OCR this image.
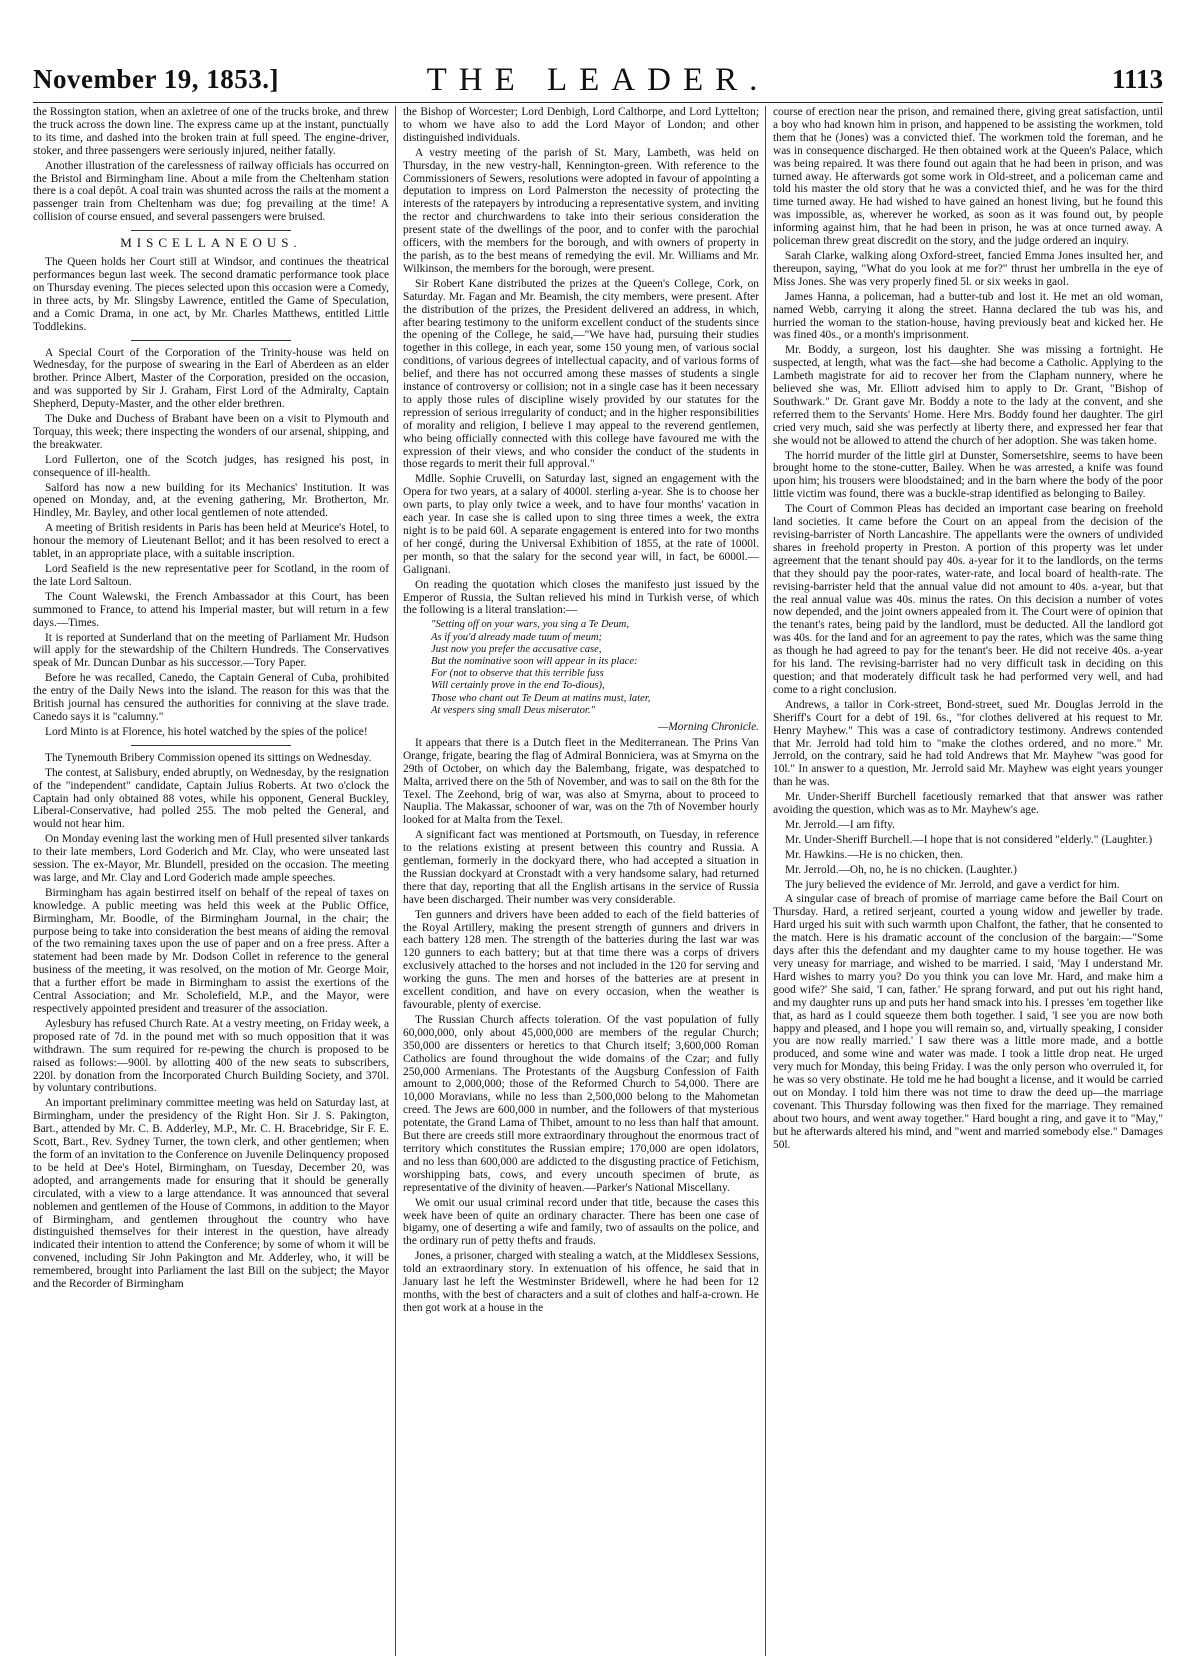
November 19, 1853.]	THE LEADER.	1113

the Rossington station, when an axletree of one of the trucks broke, and threw the truck across the down line. The express came up at the instant, punctually to its time, and dashed into the broken train at full speed. The engine-driver, stoker, and three passengers were seriously injured, neither fatally.

Another illustration of the carelessness of railway officials has occurred on the Bristol and Birmingham line. About a mile from the Cheltenham station there is a coal depôt. A coal train was shunted across the rails at the moment a passenger train from Cheltenham was due; fog prevailing at the time! A collision of course ensued, and several passengers were bruised.

MISCELLANEOUS.

The Queen holds her Court still at Windsor, and continues the theatrical performances begun last week. The second dramatic performance took place on Thursday evening. The pieces selected upon this occasion were a Comedy, in three acts, by Mr. Slingsby Lawrence, entitled the Game of Speculation, and a Comic Drama, in one act, by Mr. Charles Matthews, entitled Little Toddlekins.

A Special Court of the Corporation of the Trinity-house was held on Wednesday, for the purpose of swearing in the Earl of Aberdeen as an elder brother. Prince Albert, Master of the Corporation, presided on the occasion, and was supported by Sir J. Graham, First Lord of the Admiralty, Captain Shepherd, Deputy-Master, and the other elder brethren.

The Duke and Duchess of Brabant have been on a visit to Plymouth and Torquay, this week; there inspecting the wonders of our arsenal, shipping, and the breakwater.

Lord Fullerton, one of the Scotch judges, has resigned his post, in consequence of ill-health.

Salford has now a new building for its Mechanics' Institution. It was opened on Monday, and, at the evening gathering, Mr. Brotherton, Mr. Hindley, Mr. Bayley, and other local gentlemen of note attended.

A meeting of British residents in Paris has been held at Meurice's Hotel, to honour the memory of Lieutenant Bellot; and it has been resolved to erect a tablet, in an appropriate place, with a suitable inscription.

Lord Seafield is the new representative peer for Scotland, in the room of the late Lord Saltoun.

The Count Walewski, the French Ambassador at this Court, has been summoned to France, to attend his Imperial master, but will return in a few days.—Times.

It is reported at Sunderland that on the meeting of Parliament Mr. Hudson will apply for the stewardship of the Chiltern Hundreds. The Conservatives speak of Mr. Duncan Dunbar as his successor.—Tory Paper.

Before he was recalled, Canedo, the Captain General of Cuba, prohibited the entry of the Daily News into the island. The reason for this was that the British journal has censured the authorities for conniving at the slave trade. Canedo says it is "calumny."

Lord Minto is at Florence, his hotel watched by the spies of the police!

The Tynemouth Bribery Commission opened its sittings on Wednesday.

The contest, at Salisbury, ended abruptly, on Wednesday, by the resignation of the "independent" candidate, Captain Julius Roberts. At two o'clock the Captain had only obtained 88 votes, while his opponent, General Buckley, Liberal-Conservative, had polled 255. The mob pelted the General, and would not hear him.

On Monday evening last the working men of Hull presented silver tankards to their late members, Lord Goderich and Mr. Clay, who were unseated last session. The ex-Mayor, Mr. Blundell, presided on the occasion. The meeting was large, and Mr. Clay and Lord Goderich made ample speeches.

Birmingham has again bestirred itself on behalf of the repeal of taxes on knowledge. A public meeting was held this week at the Public Office, Birmingham, Mr. Boodle, of the Birmingham Journal, in the chair; the purpose being to take into consideration the best means of aiding the removal of the two remaining taxes upon the use of paper and on a free press. After a statement had been made by Mr. Dodson Collet in reference to the general business of the meeting, it was resolved, on the motion of Mr. George Moir, that a further effort be made in Birmingham to assist the exertions of the Central Association; and Mr. Scholefield, M.P., and the Mayor, were respectively appointed president and treasurer of the association.

Aylesbury has refused Church Rate. At a vestry meeting, on Friday week, a proposed rate of 7d. in the pound met with so much opposition that it was withdrawn. The sum required for re-pewing the church is proposed to be raised as follows:—900l. by allotting 400 of the new seats to subscribers, 220l. by donation from the Incorporated Church Building Society, and 370l. by voluntary contributions.

An important preliminary committee meeting was held on Saturday last, at Birmingham, under the presidency of the Right Hon. Sir J. S. Pakington, Bart., attended by Mr. C. B. Adderley, M.P., Mr. C. H. Bracebridge, Sir F. E. Scott, Bart., Rev. Sydney Turner, the town clerk, and other gentlemen; when the form of an invitation to the Conference on Juvenile Delinquency proposed to be held at Dee's Hotel, Birmingham, on Tuesday, December 20, was adopted, and arrangements made for ensuring that it should be generally circulated, with a view to a large attendance. It was announced that several noblemen and gentlemen of the House of Commons, in addition to the Mayor of Birmingham, and gentlemen throughout the country who have distinguished themselves for their interest in the question, have already indicated their intention to attend the Conference; by some of whom it will be convened, including Sir John Pakington and Mr. Adderley, who, it will be remembered, brought into Parliament the last Bill on the subject; the Mayor and the Recorder of Birmingham

the Bishop of Worcester; Lord Denbigh, Lord Calthorpe, and Lord Lyttelton; to whom we have also to add the Lord Mayor of London; and other distinguished individuals.

A vestry meeting of the parish of St. Mary, Lambeth, was held on Thursday, in the new vestry-hall, Kennington-green. With reference to the Commissioners of Sewers, resolutions were adopted in favour of appointing a deputation to impress on Lord Palmerston the necessity of protecting the interests of the ratepayers by introducing a representative system, and inviting the rector and churchwardens to take into their serious consideration the present state of the dwellings of the poor, and to confer with the parochial officers, with the members for the borough, and with owners of property in the parish, as to the best means of remedying the evil. Mr. Williams and Mr. Wilkinson, the members for the borough, were present.

Sir Robert Kane distributed the prizes at the Queen's College, Cork, on Saturday. Mr. Fagan and Mr. Beamish, the city members, were present. After the distribution of the prizes, the President delivered an address, in which, after bearing testimony to the uniform excellent conduct of the students since the opening of the College, he said,—"We have had, pursuing their studies together in this college, in each year, some 150 young men, of various social conditions, of various degrees of intellectual capacity, and of various forms of belief, and there has not occurred among these masses of students a single instance of controversy or collision; not in a single case has it been necessary to apply those rules of discipline wisely provided by our statutes for the repression of serious irregularity of conduct; and in the higher responsibilities of morality and religion, I believe I may appeal to the reverend gentlemen, who being officially connected with this college have favoured me with the expression of their views, and who consider the conduct of the students in those regards to merit their full approval."

Mdlle. Sophie Cruvelli, on Saturday last, signed an engagement with the Opera for two years, at a salary of 4000l. sterling a-year. She is to choose her own parts, to play only twice a week, and to have four months' vacation in each year. In case she is called upon to sing three times a week, the extra night is to be paid 60l. A separate engagement is entered into for two months of her congé, during the Universal Exhibition of 1855, at the rate of 1000l. per month, so that the salary for the second year will, in fact, be 6000l.—Galignani.

On reading the quotation which closes the manifesto just issued by the Emperor of Russia, the Sultan relieved his mind in Turkish verse, of which the following is a literal translation:—

"Setting off on your wars, you sing a Te Deum,
As if you'd already made tuum of meum;
Just now you prefer the accusative case,
But the nominative soon will appear in its place:
For (not to observe that this terrible fuss
Will certainly prove in the end To-dious),
Those who chant out Te Deum at matins must, later,
At vespers sing small Deus miserator."
—Morning Chronicle.

It appears that there is a Dutch fleet in the Mediterranean. The Prins Van Orange, frigate, bearing the flag of Admiral Bonniciera, was at Smyrna on the 29th of October, on which day the Balembang, frigate, was despatched to Malta, arrived there on the 5th of November, and was to sail on the 8th for the Texel. The Zeehond, brig of war, was also at Smyrna, about to proceed to Nauplia. The Makassar, schooner of war, was on the 7th of November hourly looked for at Malta from the Texel.

A significant fact was mentioned at Portsmouth, on Tuesday, in reference to the relations existing at present between this country and Russia. A gentleman, formerly in the dockyard there, who had accepted a situation in the Russian dockyard at Cronstadt with a very handsome salary, had returned there that day, reporting that all the English artisans in the service of Russia have been discharged. Their number was very considerable.

Ten gunners and drivers have been added to each of the field batteries of the Royal Artillery, making the present strength of gunners and drivers in each battery 128 men. The strength of the batteries during the last war was 120 gunners to each battery; but at that time there was a corps of drivers exclusively attached to the horses and not included in the 120 for serving and working the guns. The men and horses of the batteries are at present in excellent condition, and have on every occasion, when the weather is favourable, plenty of exercise.

The Russian Church affects toleration. Of the vast population of fully 60,000,000, only about 45,000,000 are members of the regular Church; 350,000 are dissenters or heretics to that Church itself; 3,600,000 Roman Catholics are found throughout the wide domains of the Czar; and fully 250,000 Armenians. The Protestants of the Augsburg Confession of Faith amount to 2,000,000; those of the Reformed Church to 54,000. There are 10,000 Moravians, while no less than 2,500,000 belong to the Mahometan creed. The Jews are 600,000 in number, and the followers of that mysterious potentate, the Grand Lama of Thibet, amount to no less than half that amount. But there are creeds still more extraordinary throughout the enormous tract of territory which constitutes the Russian empire; 170,000 are open idolators, and no less than 600,000 are addicted to the disgusting practice of Fetichism, worshipping bats, cows, and every uncouth specimen of brute, as representative of the divinity of heaven.—Parker's National Miscellany.

We omit our usual criminal record under that title, because the cases this week have been of quite an ordinary character. There has been one case of bigamy, one of deserting a wife and family, two of assaults on the police, and the ordinary run of petty thefts and frauds.

Jones, a prisoner, charged with stealing a watch, at the Middlesex Sessions, told an extraordinary story. In extenuation of his offence, he said that in January last he left the Westminster Bridewell, where he had been for 12 months, with the best of characters and a suit of clothes and half-a-crown. He then got work at a house in the

course of erection near the prison, and remained there, giving great satisfaction, until a boy who had known him in prison, and happened to be assisting the workmen, told them that he (Jones) was a convicted thief. The workmen told the foreman, and he was in consequence discharged. He then obtained work at the Queen's Palace, which was being repaired. It was there found out again that he had been in prison, and was turned away. He afterwards got some work in Old-street, and a policeman came and told his master the old story that he was a convicted thief, and he was for the third time turned away. He had wished to have gained an honest living, but he found this was impossible, as, wherever he worked, as soon as it was found out, by people informing against him, that he had been in prison, he was at once turned away. A policeman threw great discredit on the story, and the judge ordered an inquiry.

Sarah Clarke, walking along Oxford-street, fancied Emma Jones insulted her, and thereupon, saying, "What do you look at me for?" thrust her umbrella in the eye of Miss Jones. She was very properly fined 5l. or six weeks in gaol.

James Hanna, a policeman, had a butter-tub and lost it. He met an old woman, named Webb, carrying it along the street. Hanna declared the tub was his, and hurried the woman to the station-house, having previously beat and kicked her. He was fined 40s., or a month's imprisonment.

Mr. Boddy, a surgeon, lost his daughter. She was missing a fortnight. He suspected, at length, what was the fact—she had become a Catholic. Applying to the Lambeth magistrate for aid to recover her from the Clapham nunnery, where he believed she was, Mr. Elliott advised him to apply to Dr. Grant, "Bishop of Southwark." Dr. Grant gave Mr. Boddy a note to the lady at the convent, and she referred them to the Servants' Home. Here Mrs. Boddy found her daughter. The girl cried very much, said she was perfectly at liberty there, and expressed her fear that she would not be allowed to attend the church of her adoption. She was taken home.

The horrid murder of the little girl at Dunster, Somersetshire, seems to have been brought home to the stone-cutter, Bailey. When he was arrested, a knife was found upon him; his trousers were bloodstained; and in the barn where the body of the poor little victim was found, there was a buckle-strap identified as belonging to Bailey.

The Court of Common Pleas has decided an important case bearing on freehold land societies. It came before the Court on an appeal from the decision of the revising-barrister of North Lancashire. The appellants were the owners of undivided shares in freehold property in Preston. A portion of this property was let under agreement that the tenant should pay 40s. a-year for it to the landlords, on the terms that they should pay the poor-rates, water-rate, and local board of health-rate. The revising-barrister held that the annual value did not amount to 40s. a-year, but that the real annual value was 40s. minus the rates. On this decision a number of votes now depended, and the joint owners appealed from it. The Court were of opinion that the tenant's rates, being paid by the landlord, must be deducted. All the landlord got was 40s. for the land and for an agreement to pay the rates, which was the same thing as though he had agreed to pay for the tenant's beer. He did not receive 40s. a-year for his land. The revising-barrister had no very difficult task in deciding on this question; and that moderately difficult task he had performed very well, and had come to a right conclusion.

Andrews, a tailor in Cork-street, Bond-street, sued Mr. Douglas Jerrold in the Sheriff's Court for a debt of 19l. 6s., "for clothes delivered at his request to Mr. Henry Mayhew." This was a case of contradictory testimony. Andrews contended that Mr. Jerrold had told him to "make the clothes ordered, and no more." Mr. Jerrold, on the contrary, said he had told Andrews that Mr. Mayhew "was good for 10l." In answer to a question, Mr. Jerrold said Mr. Mayhew was eight years younger than he was.

Mr. Under-Sheriff Burchell facetiously remarked that that answer was rather avoiding the question, which was as to Mr. Mayhew's age.

Mr. Jerrold.—I am fifty.

Mr. Under-Sheriff Burchell.—I hope that is not considered "elderly." (Laughter.)

Mr. Hawkins.—He is no chicken, then.

Mr. Jerrold.—Oh, no, he is no chicken. (Laughter.)

The jury believed the evidence of Mr. Jerrold, and gave a verdict for him.

A singular case of breach of promise of marriage came before the Bail Court on Thursday. Hard, a retired serjeant, courted a young widow and jeweller by trade. Hard urged his suit with such warmth upon Chalfont, the father, that he consented to the match. Here is his dramatic account of the conclusion of the bargain:—"Some days after this the defendant and my daughter came to my house together. He was very uneasy for marriage, and wished to be married. I said, 'May I understand Mr. Hard wishes to marry you? Do you think you can love Mr. Hard, and make him a good wife?' She said, 'I can, father.' He sprang forward, and put out his right hand, and my daughter runs up and puts her hand smack into his. I presses 'em together like that, as hard as I could squeeze them both together. I said, 'I see you are now both happy and pleased, and I hope you will remain so, and, virtually speaking, I consider you are now really married.' I saw there was a little more made, and a bottle produced, and some wine and water was made. I took a little drop neat. He urged very much for Monday, this being Friday. I was the only person who overruled it, for he was so very obstinate. He told me he had bought a license, and it would be carried out on Monday. I told him there was not time to draw the deed up—the marriage covenant. This Thursday following was then fixed for the marriage. They remained about two hours, and went away together." Hard bought a ring, and gave it to "May," but he afterwards altered his mind, and "went and married somebody else." Damages 50l.
